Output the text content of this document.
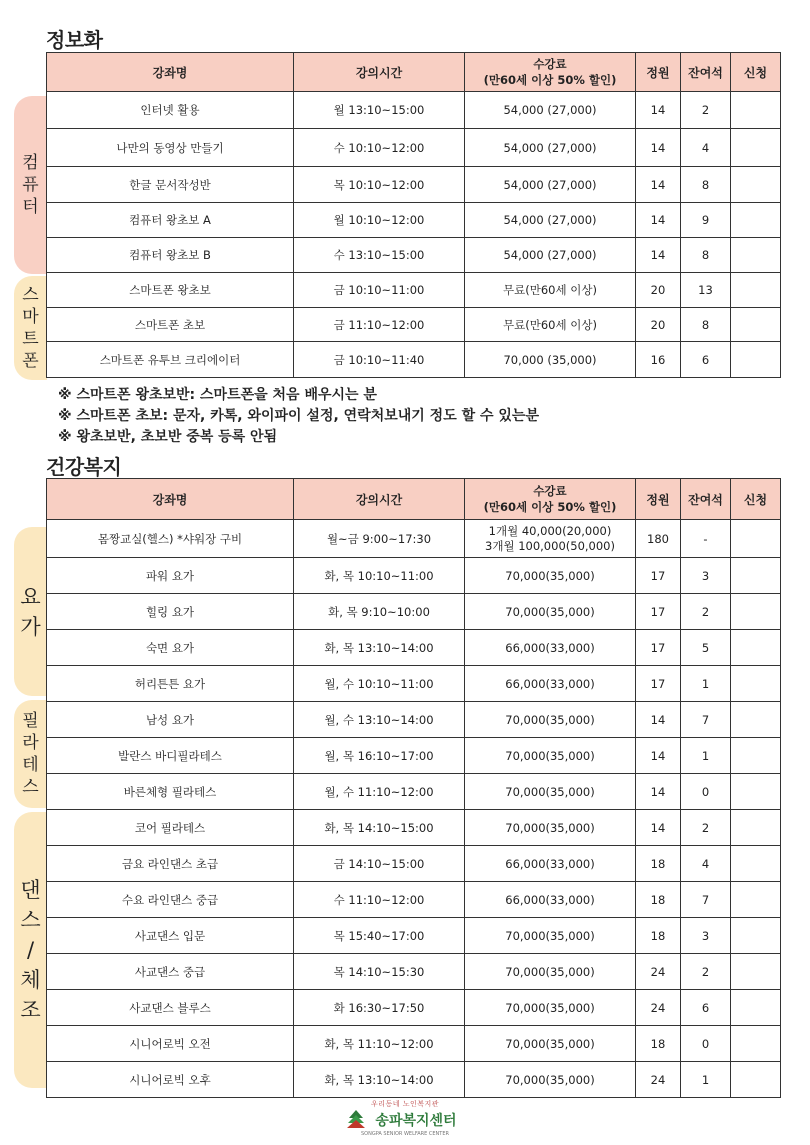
정보화
컴
퓨
터
스
마
트
폰
강좌명	강의시간	수강료
(만60세 이상 50% 할인)	정원	잔여석	신청
인터넷 활용	월 13:10~15:00	54,000 (27,000)	14	2	
나만의 동영상 만들기	수 10:10~12:00	54,000 (27,000)	14	4	
한글 문서작성반	목 10:10~12:00	54,000 (27,000)	14	8	
컴퓨터 왕초보 A	월 10:10~12:00	54,000 (27,000)	14	9	
컴퓨터 왕초보 B	수 13:10~15:00	54,000 (27,000)	14	8	
스마트폰 왕초보	금 10:10~11:00	무료(만60세 이상)	20	13	
스마트폰 초보	금 11:10~12:00	무료(만60세 이상)	20	8	
스마트폰 유투브 크리에이터	금 10:10~11:40	70,000 (35,000)	16	6	
※ 스마트폰 왕초보반: 스마트폰을 처음 배우시는 분
※ 스마트폰 초보: 문자, 카톡, 와이파이 설정, 연락처보내기 정도 할 수 있는분
※ 왕초보반, 초보반 중복 등록 안됨
건강복지
요
가
필
라
테
스
댄
스
/
체
조
강좌명	강의시간	수강료
(만60세 이상 50% 할인)	정원	잔여석	신청
몸짱교실(헬스) *샤워장 구비	월~금 9:00~17:30	1개월 40,000(20,000)
3개월 100,000(50,000)	180	-	
파워 요가	화, 목 10:10~11:00	70,000(35,000)	17	3	
힐링 요가	화, 목 9:10~10:00	70,000(35,000)	17	2	
숙면 요가	화, 목 13:10~14:00	66,000(33,000)	17	5	
허리튼튼 요가	월, 수 10:10~11:00	66,000(33,000)	17	1	
남성 요가	월, 수 13:10~14:00	70,000(35,000)	14	7	
발란스 바디필라테스	월, 목 16:10~17:00	70,000(35,000)	14	1	
바른체형 필라테스	월, 수 11:10~12:00	70,000(35,000)	14	0	
코어 필라테스	화, 목 14:10~15:00	70,000(35,000)	14	2	
금요 라인댄스 초급	금 14:10~15:00	66,000(33,000)	18	4	
수요 라인댄스 중급	수 11:10~12:00	66,000(33,000)	18	7	
사교댄스 입문	목 15:40~17:00	70,000(35,000)	18	3	
사교댄스 중급	목 14:10~15:30	70,000(35,000)	24	2	
사교댄스 블루스	화 16:30~17:50	70,000(35,000)	24	6	
시니어로빅 오전	화, 목 11:10~12:00	70,000(35,000)	18	0	
시니어로빅 오후	화, 목 13:10~14:00	70,000(35,000)	24	1	
우리동네 노인복지관
송파복지센터
SONGPA SENIOR WELFARE CENTER
